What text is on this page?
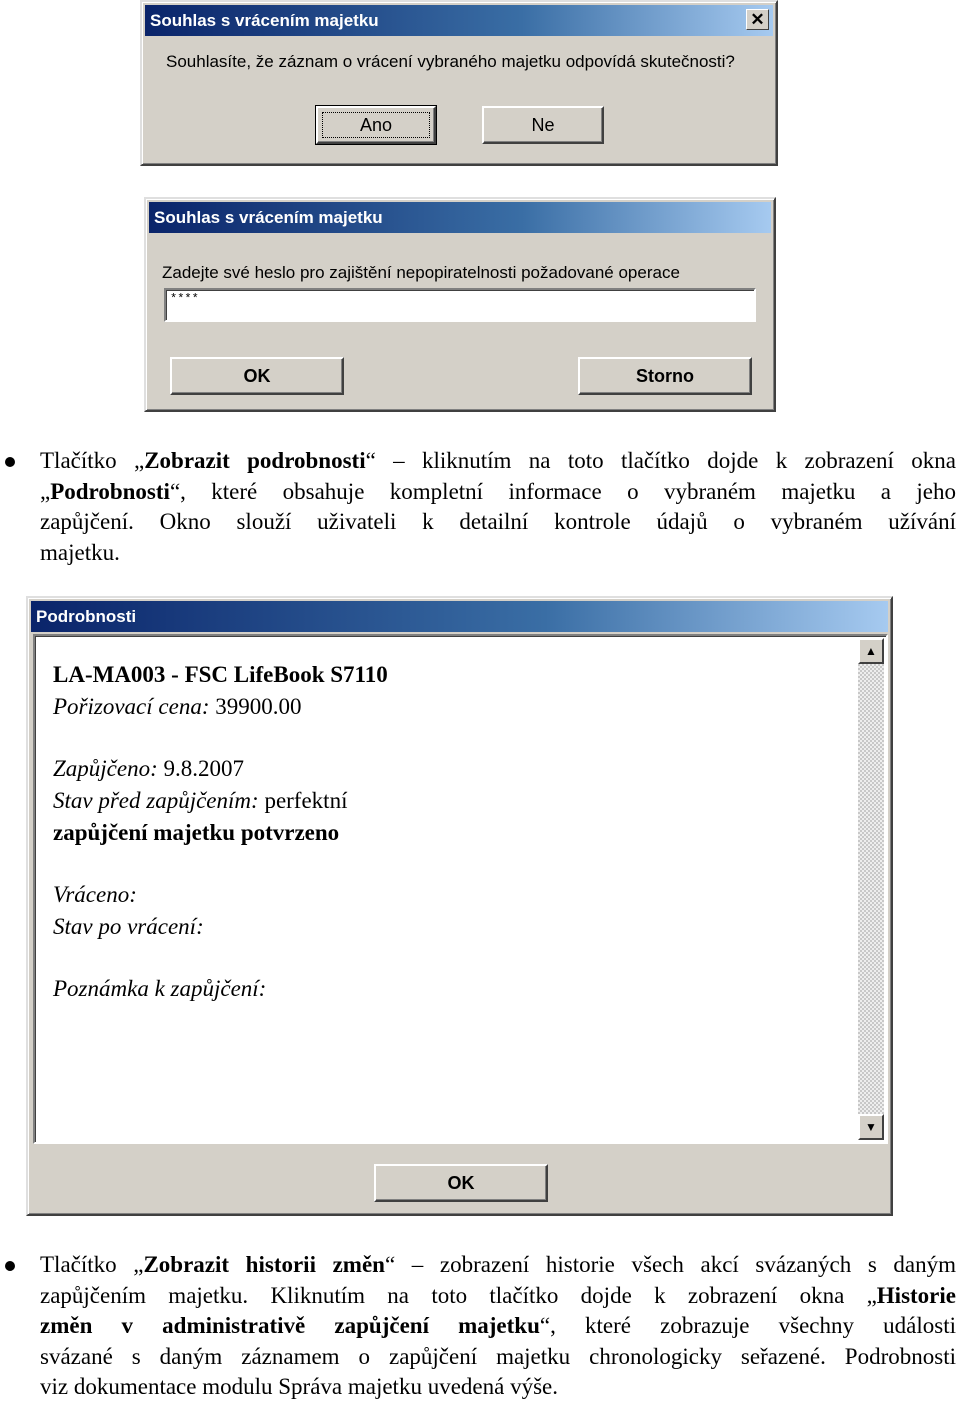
Souhlas s vrácením majetku	✕
Souhlasíte, že záznam o vrácení vybraného majetku odpovídá skutečnosti?
Ano	Ne
Souhlas s vrácením majetku
Zadejte své heslo pro zajištění nepopiratelnosti požadované operace
****
OK	Storno
Tlačítko „Zobrazit podrobnosti“ – kliknutím na toto tlačítko dojde k zobrazení okna
„Podrobnosti“, které obsahuje kompletní informace o vybraném majetku a jeho
zapůjčení. Okno slouží uživateli k detailní kontrole údajů o vybraném užívání
majetku.
Podrobnosti
LA-MA003 - FSC LifeBook S7110
Pořizovací cena: 39900.00
Zapůjčeno: 9.8.2007
Stav před zapůjčením: perfektní
zapůjčení majetku potvrzeno
Vráceno:
Stav po vrácení:
Poznámka k zapůjčení:
▲
▼
OK
Tlačítko „Zobrazit historii změn“ – zobrazení historie všech akcí svázaných s daným
zapůjčením majetku. Kliknutím na toto tlačítko dojde k zobrazení okna „Historie
změn v administrativě zapůjčení majetku“, které zobrazuje všechny události
svázané s daným záznamem o zapůjčení majetku chronologicky seřazené. Podrobnosti
viz dokumentace modulu Správa majetku uvedená výše.
